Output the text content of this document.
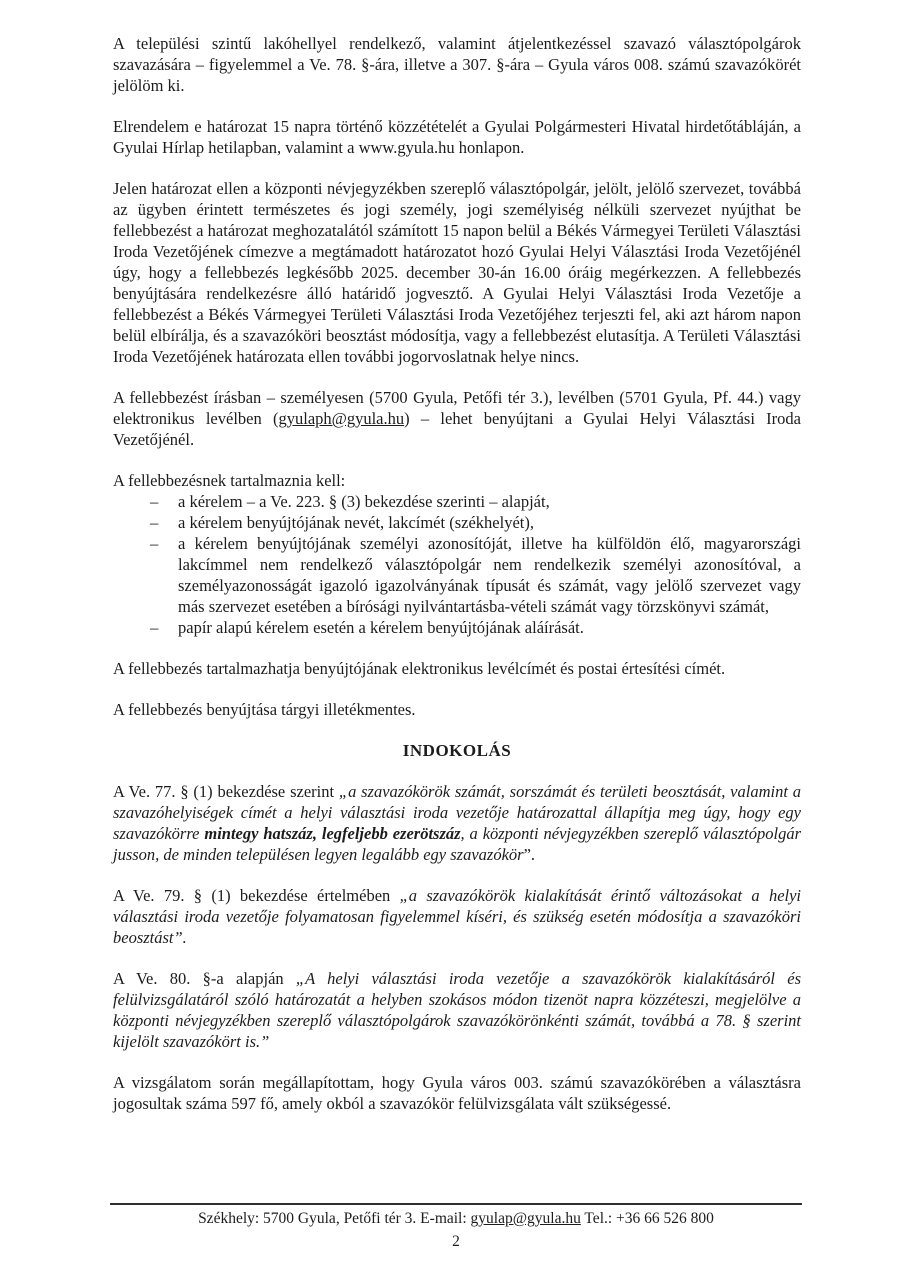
A települési szintű lakóhellyel rendelkező, valamint átjelentkezéssel szavazó választópolgárok szavazására – figyelemmel a Ve. 78. §-ára, illetve a 307. §-ára – Gyula város 008. számú szavazókörét jelölöm ki.

Elrendelem e határozat 15 napra történő közzétételét a Gyulai Polgármesteri Hivatal hirdetőtábláján, a Gyulai Hírlap hetilapban, valamint a www.gyula.hu honlapon.

Jelen határozat ellen a központi névjegyzékben szereplő választópolgár, jelölt, jelölő szervezet, továbbá az ügyben érintett természetes és jogi személy, jogi személyiség nélküli szervezet nyújthat be fellebbezést a határozat meghozatalától számított 15 napon belül a Békés Vármegyei Területi Választási Iroda Vezetőjének címezve a megtámadott határozatot hozó Gyulai Helyi Választási Iroda Vezetőjénél úgy, hogy a fellebbezés legkésőbb 2025. december 30-án 16.00 óráig megérkezzen. A fellebbezés benyújtására rendelkezésre álló határidő jogvesztő. A Gyulai Helyi Választási Iroda Vezetője a fellebbezést a Békés Vármegyei Területi Választási Iroda Vezetőjéhez terjeszti fel, aki azt három napon belül elbírálja, és a szavazóköri beosztást módosítja, vagy a fellebbezést elutasítja. A Területi Választási Iroda Vezetőjének határozata ellen további jogorvoslatnak helye nincs.

A fellebbezést írásban – személyesen (5700 Gyula, Petőfi tér 3.), levélben (5701 Gyula, Pf. 44.) vagy elektronikus levélben (gyulaph@gyula.hu) – lehet benyújtani a Gyulai Helyi Választási Iroda Vezetőjénél.

A fellebbezésnek tartalmaznia kell:

– a kérelem – a Ve. 223. § (3) bekezdése szerinti – alapját,
– a kérelem benyújtójának nevét, lakcímét (székhelyét),
– a kérelem benyújtójának személyi azonosítóját, illetve ha külföldön élő, magyarországi lakcímmel nem rendelkező választópolgár nem rendelkezik személyi azonosítóval, a személyazonosságát igazoló igazolványának típusát és számát, vagy jelölő szervezet vagy más szervezet esetében a bírósági nyilvántartásba-vételi számát vagy törzskönyvi számát,
– papír alapú kérelem esetén a kérelem benyújtójának aláírását.

A fellebbezés tartalmazhatja benyújtójának elektronikus levélcímét és postai értesítési címét.

A fellebbezés benyújtása tárgyi illetékmentes.

INDOKOLÁS

A Ve. 77. § (1) bekezdése szerint „a szavazókörök számát, sorszámát és területi beosztását, valamint a szavazóhelyiségek címét a helyi választási iroda vezetője határozattal állapítja meg úgy, hogy egy szavazókörre mintegy hatszáz, legfeljebb ezerötszáz, a központi névjegyzékben szereplő választópolgár jusson, de minden településen legyen legalább egy szavazókör”.

A Ve. 79. § (1) bekezdése értelmében „a szavazókörök kialakítását érintő változásokat a helyi választási iroda vezetője folyamatosan figyelemmel kíséri, és szükség esetén módosítja a szavazóköri beosztást”.

A Ve. 80. §-a alapján „A helyi választási iroda vezetője a szavazókörök kialakításáról és felülvizsgálatáról szóló határozatát a helyben szokásos módon tizenöt napra közzéteszi, megjelölve a központi névjegyzékben szereplő választópolgárok szavazókörönkénti számát, továbbá a 78. § szerint kijelölt szavazókört is.”

A vizsgálatom során megállapítottam, hogy Gyula város 003. számú szavazókörében a választásra jogosultak száma 597 fő, amely okból a szavazókör felülvizsgálata vált szükségessé.

Székhely: 5700 Gyula, Petőfi tér 3. E-mail: gyulap@gyula.hu Tel.: +36 66 526 800
2
